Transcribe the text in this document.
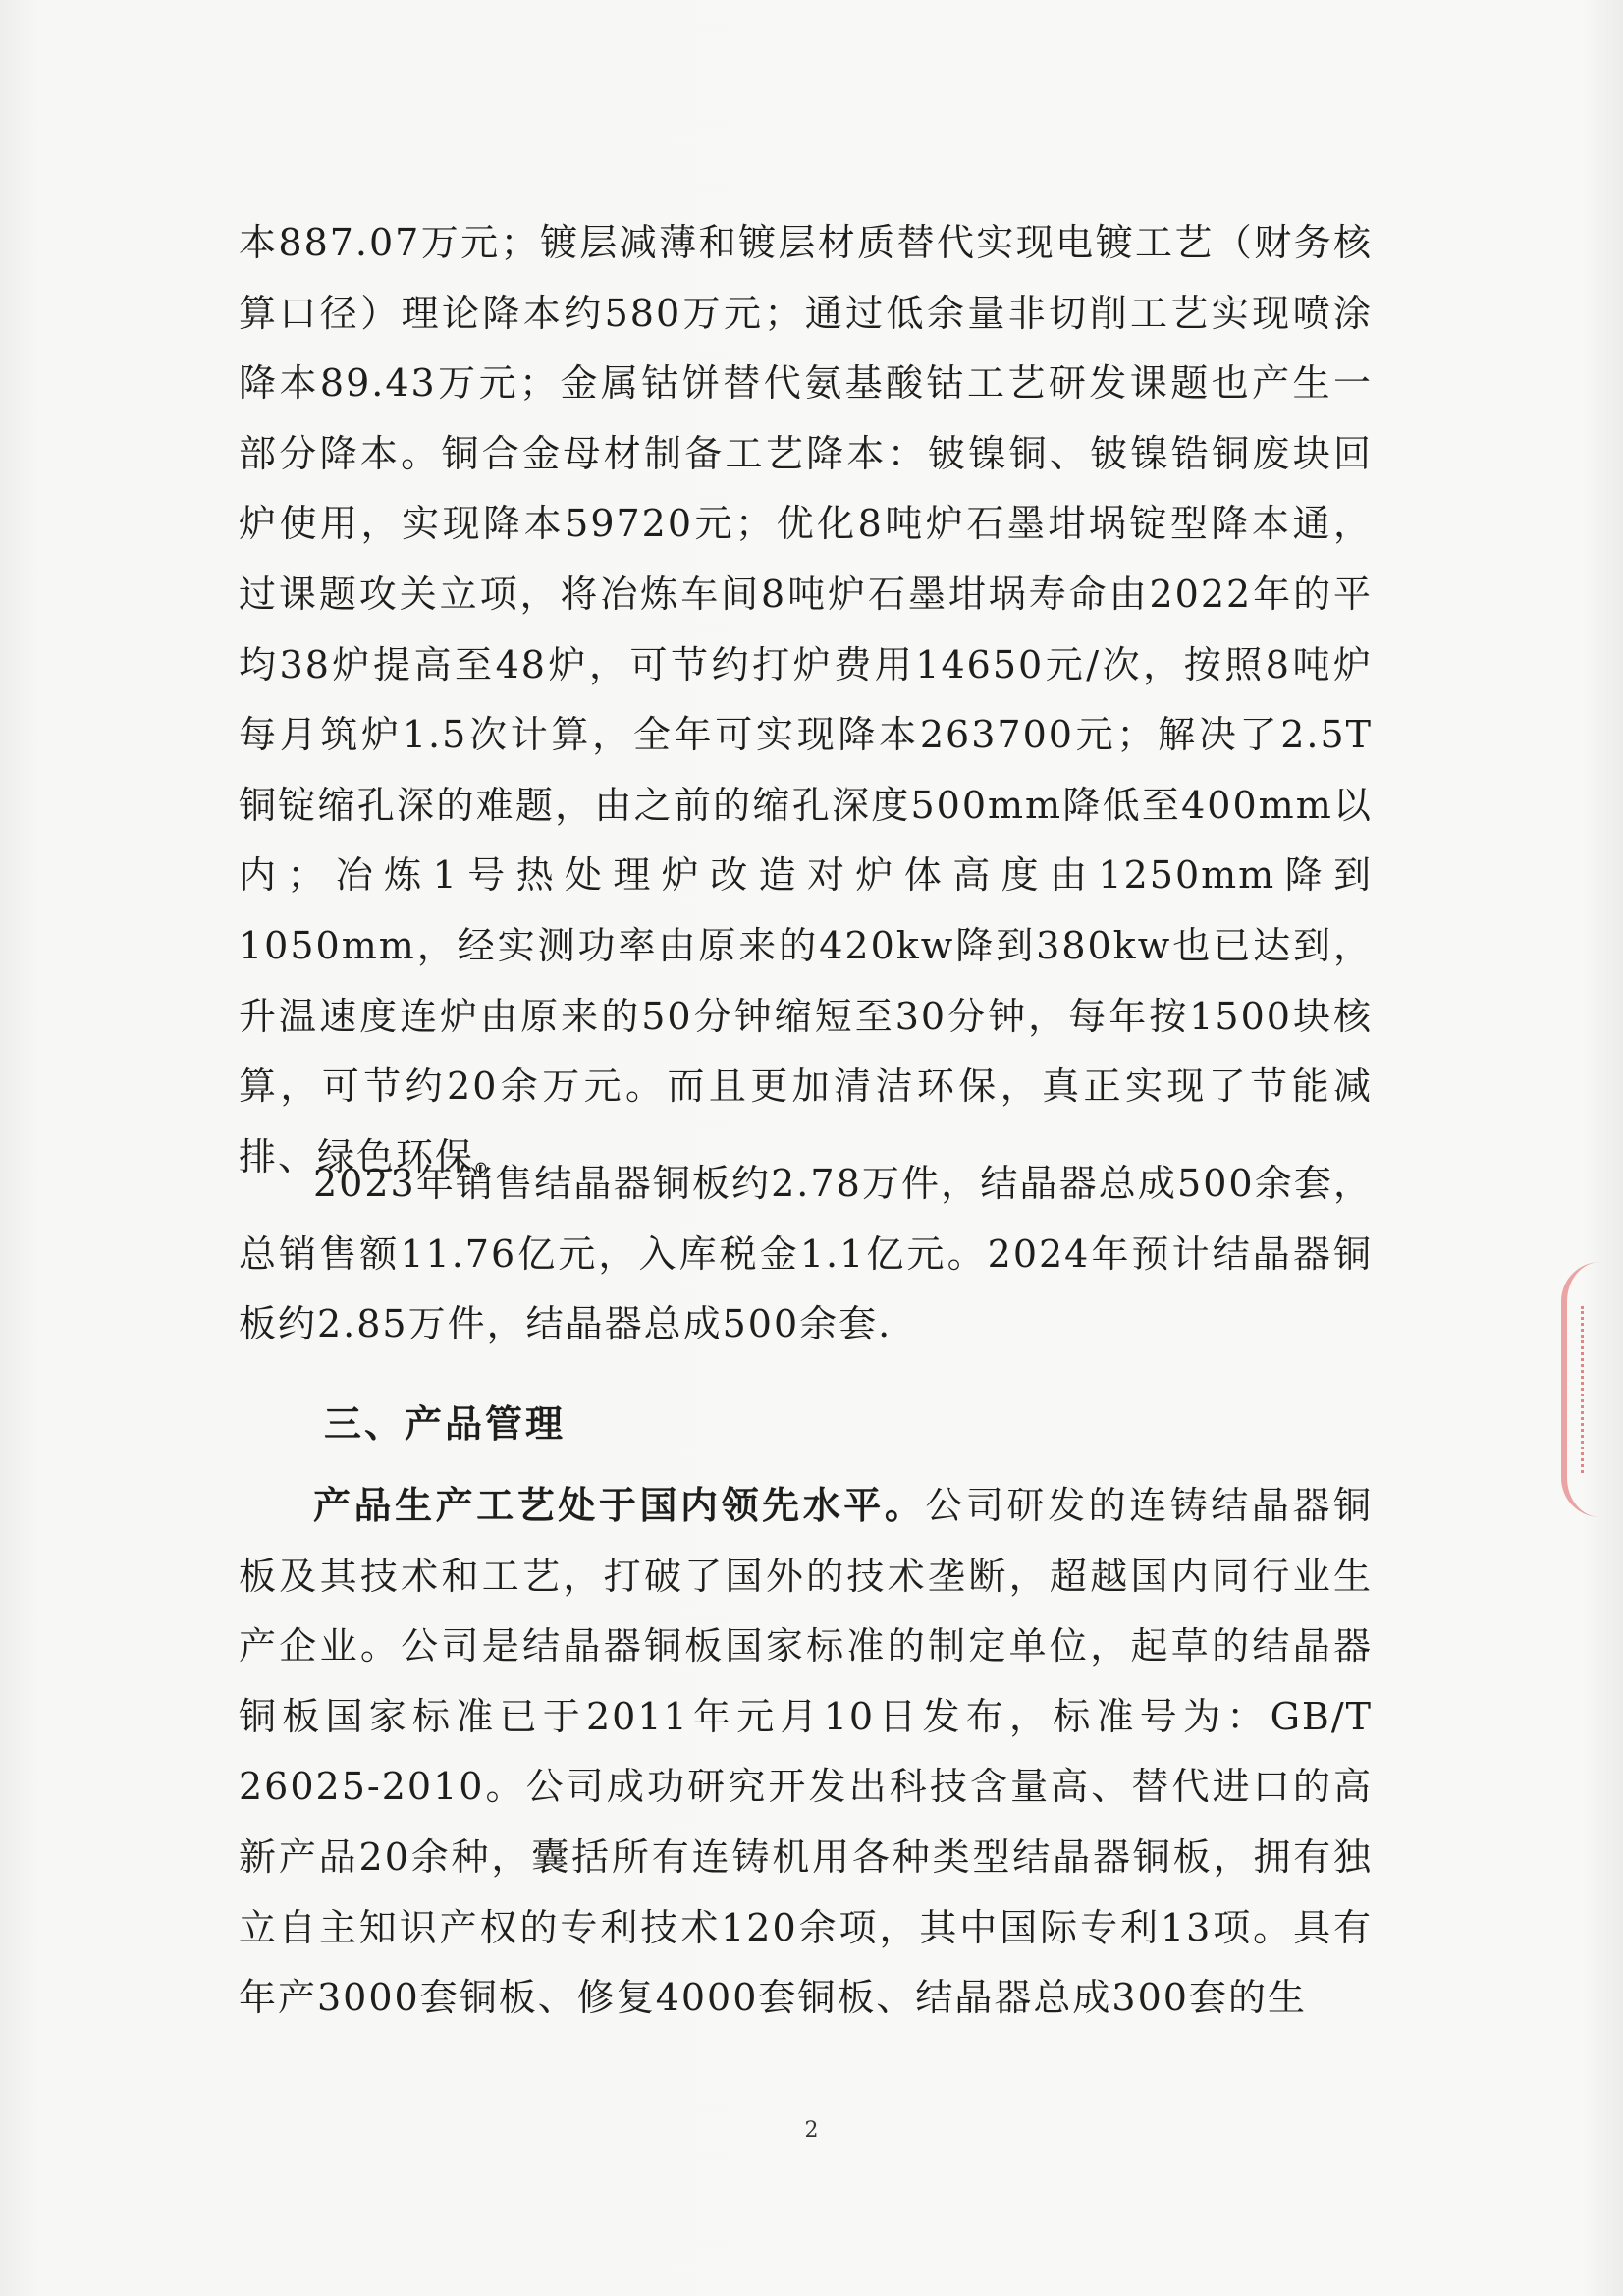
本887.07万元；镀层减薄和镀层材质替代实现电镀工艺（财务核算口径）理论降本约580万元；通过低余量非切削工艺实现喷涂降本89.43万元；金属钴饼替代氨基酸钴工艺研发课题也产生一部分降本。铜合金母材制备工艺降本：铍镍铜、铍镍锆铜废块回炉使用，实现降本59720元；优化8吨炉石墨坩埚锭型降本通，过课题攻关立项，将冶炼车间8吨炉石墨坩埚寿命由2022年的平均38炉提高至48炉，可节约打炉费用14650元/次，按照8吨炉每月筑炉1.5次计算，全年可实现降本263700元；解决了2.5T铜锭缩孔深的难题，由之前的缩孔深度500mm降低至400mm以内；冶炼1号热处理炉改造对炉体高度由1250mm降到1050mm，经实测功率由原来的420kw降到380kw也已达到，升温速度连炉由原来的50分钟缩短至30分钟，每年按1500块核算，可节约20余万元。而且更加清洁环保，真正实现了节能减排、绿色环保。

2023年销售结晶器铜板约2.78万件，结晶器总成500余套，总销售额11.76亿元，入库税金1.1亿元。2024年预计结晶器铜板约2.85万件，结晶器总成500余套.

三、产品管理

产品生产工艺处于国内领先水平。公司研发的连铸结晶器铜板及其技术和工艺，打破了国外的技术垄断，超越国内同行业生产企业。公司是结晶器铜板国家标准的制定单位，起草的结晶器铜板国家标准已于2011年元月10日发布，标准号为：GB/T 26025-2010。公司成功研究开发出科技含量高、替代进口的高新产品20余种，囊括所有连铸机用各种类型结晶器铜板，拥有独立自主知识产权的专利技术120余项，其中国际专利13项。具有年产3000套铜板、修复4000套铜板、结晶器总成300套的生

2
